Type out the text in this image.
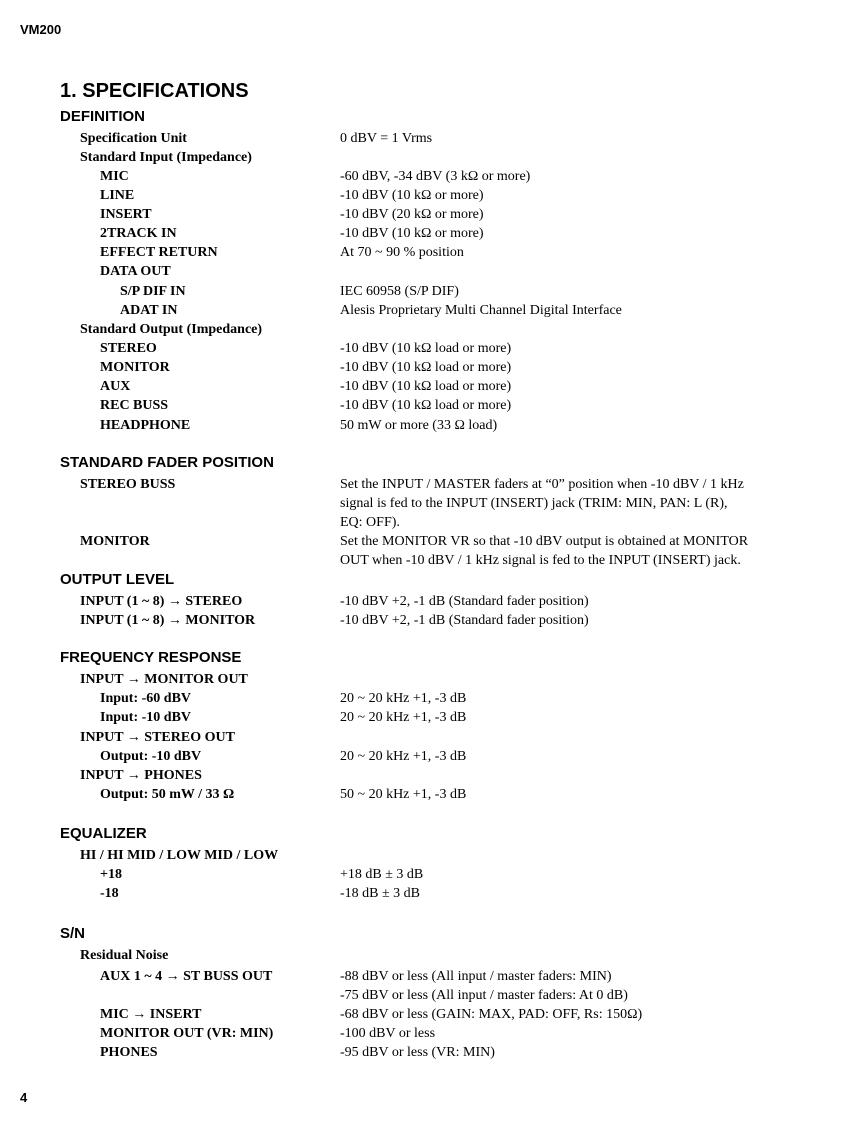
VM200
1. SPECIFICATIONS
DEFINITION
Specification Unit	0 dBV = 1 Vrms
Standard Input (Impedance)
MIC	-60 dBV, -34 dBV (3 kΩ or more)
LINE	-10 dBV (10 kΩ or more)
INSERT	-10 dBV (20 kΩ or more)
2TRACK IN	-10 dBV (10 kΩ or more)
EFFECT RETURN	At 70 ~ 90 % position
DATA OUT
S/P DIF IN	IEC 60958 (S/P DIF)
ADAT IN	Alesis Proprietary Multi Channel Digital Interface
Standard Output (Impedance)
STEREO	-10 dBV (10 kΩ load or more)
MONITOR	-10 dBV (10 kΩ load or more)
AUX	-10 dBV (10 kΩ load or more)
REC BUSS	-10 dBV (10 kΩ load or more)
HEADPHONE	50 mW or more (33 Ω load)
STANDARD FADER POSITION
STEREO BUSS	Set the INPUT / MASTER faders at “0” position when -10 dBV / 1 kHz
signal is fed to the INPUT (INSERT) jack (TRIM: MIN, PAN: L (R),
EQ: OFF).
MONITOR	Set the MONITOR VR so that -10 dBV output is obtained at MONITOR
OUT when -10 dBV / 1 kHz signal is fed to the INPUT (INSERT) jack.
OUTPUT LEVEL
INPUT (1 ~ 8) → STEREO	-10 dBV +2, -1 dB (Standard fader position)
INPUT (1 ~ 8) → MONITOR	-10 dBV +2, -1 dB (Standard fader position)
FREQUENCY RESPONSE
INPUT → MONITOR OUT
Input: -60 dBV	20 ~ 20 kHz +1, -3 dB
Input: -10 dBV	20 ~ 20 kHz +1, -3 dB
INPUT → STEREO OUT
Output: -10 dBV	20 ~ 20 kHz +1, -3 dB
INPUT → PHONES
Output: 50 mW / 33 Ω	50 ~ 20 kHz +1, -3 dB
EQUALIZER
HI / HI MID / LOW MID / LOW
+18	+18 dB ± 3 dB
-18	-18 dB ± 3 dB
S/N
Residual Noise
AUX 1 ~ 4 → ST BUSS OUT	-88 dBV or less (All input / master faders: MIN)
-75 dBV or less (All input / master faders: At 0 dB)
MIC → INSERT	-68 dBV or less (GAIN: MAX, PAD: OFF, Rs: 150Ω)
MONITOR OUT (VR: MIN)	-100 dBV or less
PHONES	-95 dBV or less (VR: MIN)
4
